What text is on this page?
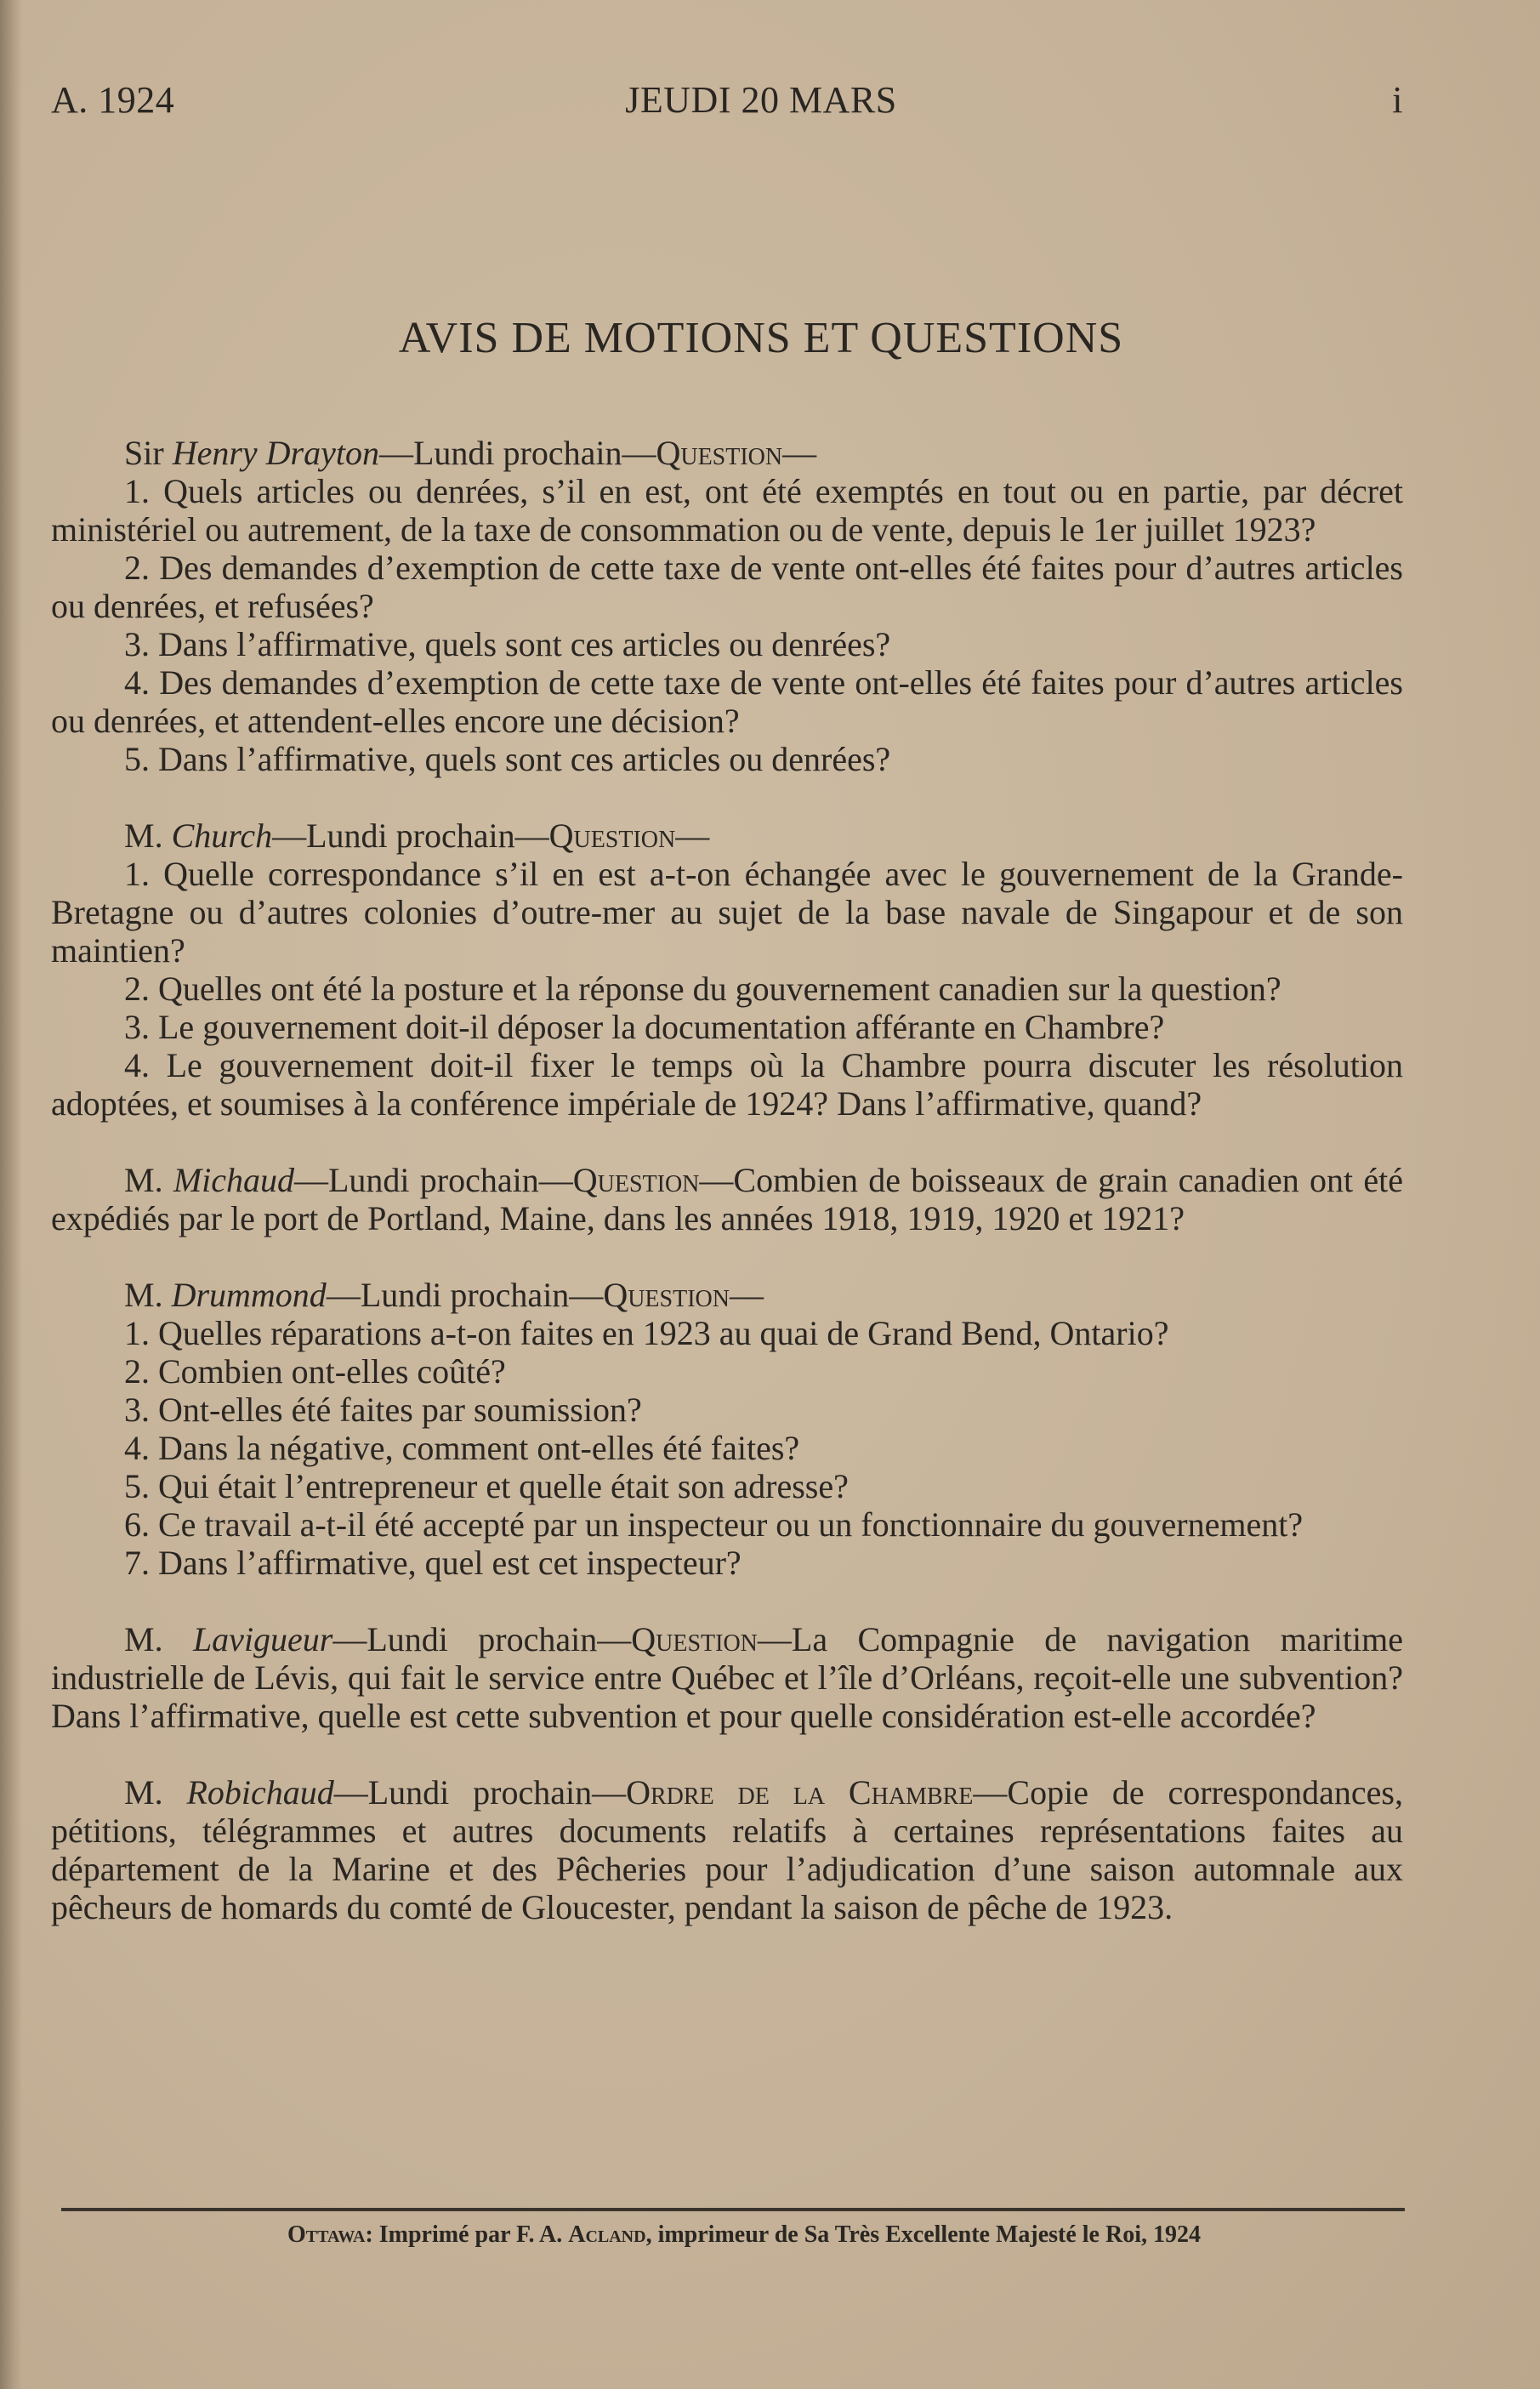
A. 1924	JEUDI 20 MARS	i
AVIS DE MOTIONS ET QUESTIONS

Sir Henry Drayton—Lundi prochain—Question—

1. Quels articles ou denrées, s’il en est, ont été exemptés en tout ou en partie, par décret ministériel ou autrement, de la taxe de consommation ou de vente, depuis le 1er juillet 1923?

2. Des demandes d’exemption de cette taxe de vente ont-elles été faites pour d’autres articles ou denrées, et refusées?

3. Dans l’affirmative, quels sont ces articles ou denrées?

4. Des demandes d’exemption de cette taxe de vente ont-elles été faites pour d’autres articles ou denrées, et attendent-elles encore une décision?

5. Dans l’affirmative, quels sont ces articles ou denrées?

M. Church—Lundi prochain—Question—

1. Quelle correspondance s’il en est a-t-on échangée avec le gouvernement de la Grande-Bretagne ou d’autres colonies d’outre-mer au sujet de la base navale de Singapour et de son maintien?

2. Quelles ont été la posture et la réponse du gouvernement canadien sur la question?

3. Le gouvernement doit-il déposer la documentation afférante en Chambre?

4. Le gouvernement doit-il fixer le temps où la Chambre pourra discuter les résolution adoptées, et soumises à la conférence impériale de 1924? Dans l’affirmative, quand?

M. Michaud—Lundi prochain—Question—Combien de boisseaux de grain canadien ont été expédiés par le port de Portland, Maine, dans les années 1918, 1919, 1920 et 1921?

M. Drummond—Lundi prochain—Question—

1. Quelles réparations a-t-on faites en 1923 au quai de Grand Bend, Ontario?

2. Combien ont-elles coûté?

3. Ont-elles été faites par soumission?

4. Dans la négative, comment ont-elles été faites?

5. Qui était l’entrepreneur et quelle était son adresse?

6. Ce travail a-t-il été accepté par un inspecteur ou un fonctionnaire du gouvernement?

7. Dans l’affirmative, quel est cet inspecteur?

M. Lavigueur—Lundi prochain—Question—La Compagnie de navigation maritime industrielle de Lévis, qui fait le service entre Québec et l’île d’Orléans, reçoit-elle une subvention? Dans l’affirmative, quelle est cette subvention et pour quelle considération est-elle accordée?

M. Robichaud—Lundi prochain—Ordre de la Chambre—Copie de correspondances, pétitions, télégrammes et autres documents relatifs à certaines représentations faites au département de la Marine et des Pêcheries pour l’adjudication d’une saison automnale aux pêcheurs de homards du comté de Gloucester, pendant la saison de pêche de 1923.

Ottawa: Imprimé par F. A. Acland, imprimeur de Sa Très Excellente Majesté le Roi, 1924
